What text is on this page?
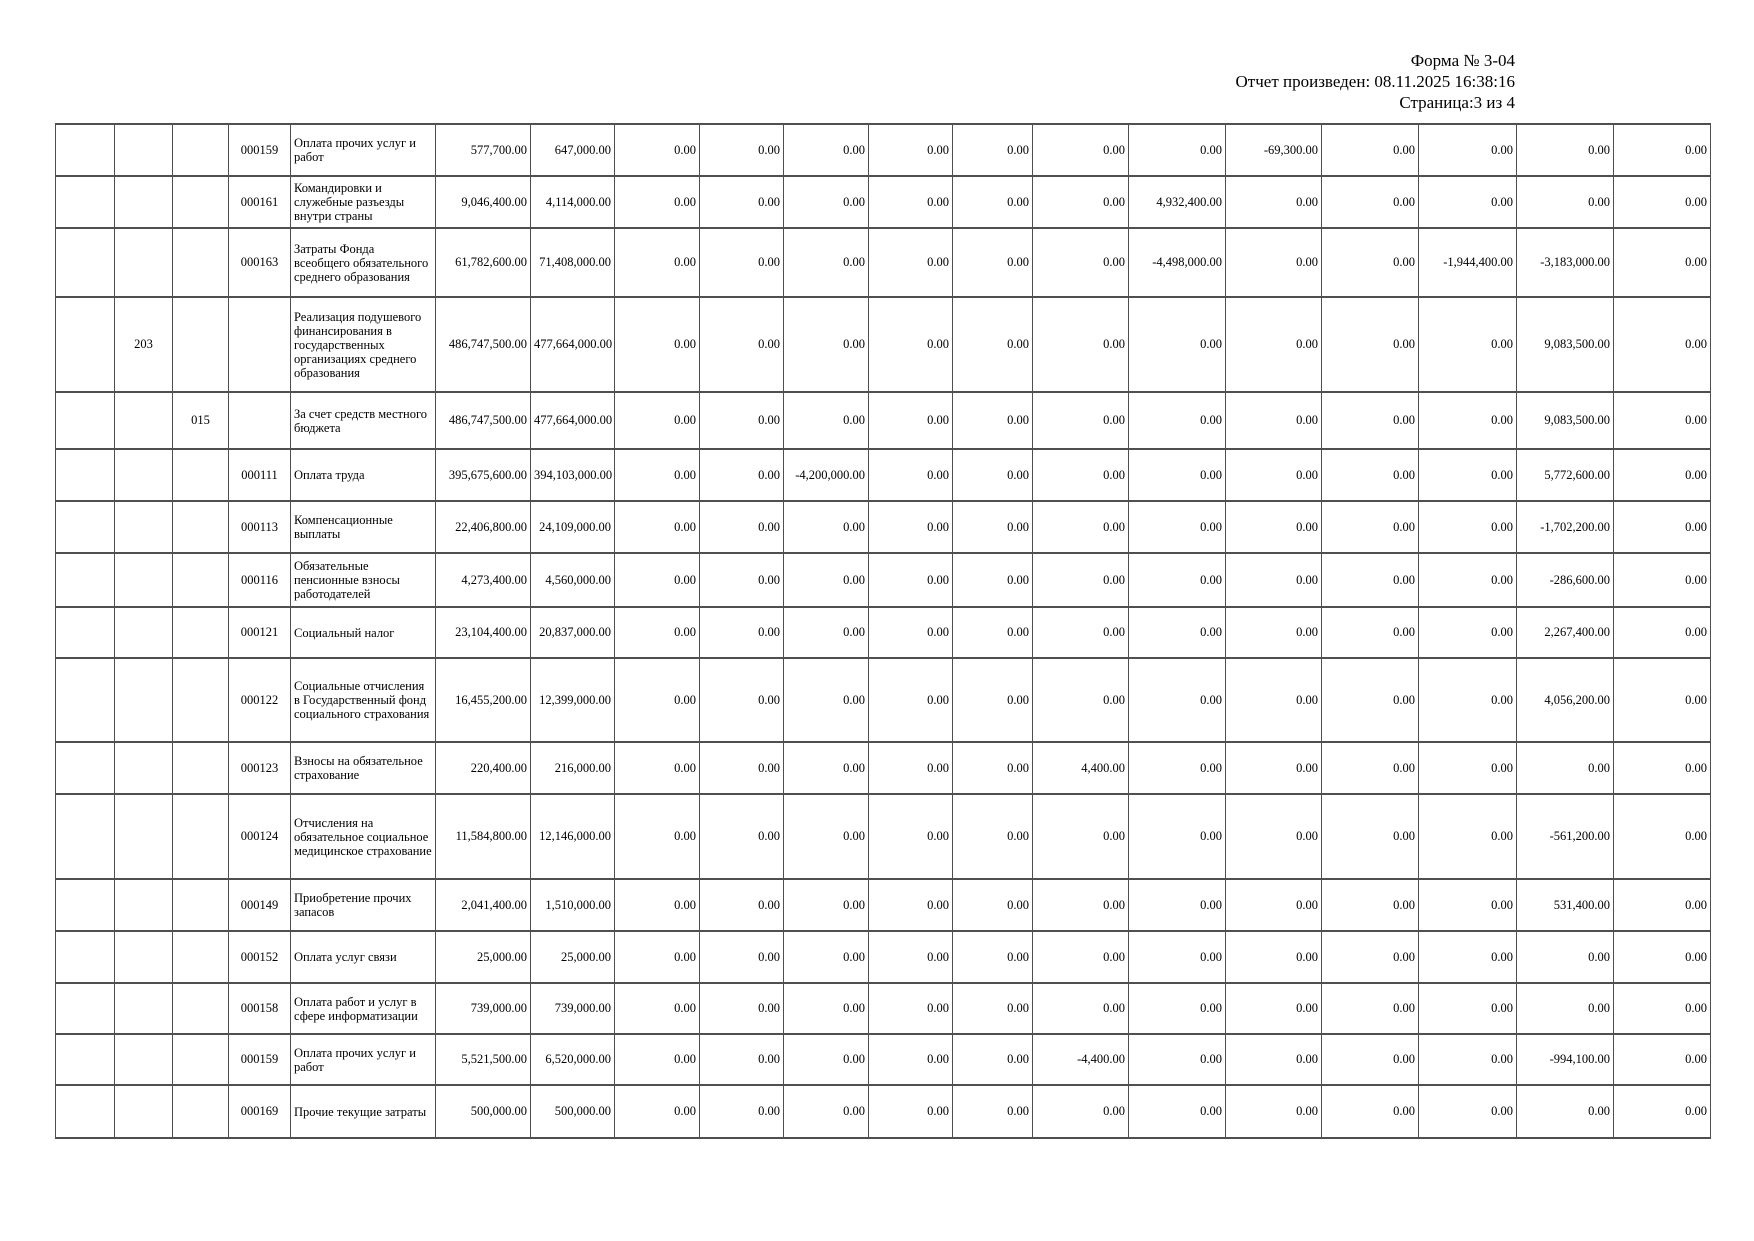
Форма № 3-04
Отчет произведен: 08.11.2025 16:38:16
Страница:3 из 4
			000159	Оплата прочих услуг и работ	577,700.00	647,000.00	0.00	0.00	0.00	0.00	0.00	0.00	0.00	-69,300.00	0.00	0.00	0.00	0.00
			000161	Командировки и служебные разъезды внутри страны	9,046,400.00	4,114,000.00	0.00	0.00	0.00	0.00	0.00	0.00	4,932,400.00	0.00	0.00	0.00	0.00	0.00
			000163	Затраты Фонда всеобщего обязательного среднего образования	61,782,600.00	71,408,000.00	0.00	0.00	0.00	0.00	0.00	0.00	-4,498,000.00	0.00	0.00	-1,944,400.00	-3,183,000.00	0.00
	203			Реализация подушевого финансирования в государственных организациях среднего образования	486,747,500.00	477,664,000.00	0.00	0.00	0.00	0.00	0.00	0.00	0.00	0.00	0.00	0.00	9,083,500.00	0.00
		015		За счет средств местного бюджета	486,747,500.00	477,664,000.00	0.00	0.00	0.00	0.00	0.00	0.00	0.00	0.00	0.00	0.00	9,083,500.00	0.00
			000111	Оплата труда	395,675,600.00	394,103,000.00	0.00	0.00	-4,200,000.00	0.00	0.00	0.00	0.00	0.00	0.00	0.00	5,772,600.00	0.00
			000113	Компенсационные выплаты	22,406,800.00	24,109,000.00	0.00	0.00	0.00	0.00	0.00	0.00	0.00	0.00	0.00	0.00	-1,702,200.00	0.00
			000116	Обязательные пенсионные взносы работодателей	4,273,400.00	4,560,000.00	0.00	0.00	0.00	0.00	0.00	0.00	0.00	0.00	0.00	0.00	-286,600.00	0.00
			000121	Социальный налог	23,104,400.00	20,837,000.00	0.00	0.00	0.00	0.00	0.00	0.00	0.00	0.00	0.00	0.00	2,267,400.00	0.00
			000122	Социальные отчисления в Государственный фонд социального страхования	16,455,200.00	12,399,000.00	0.00	0.00	0.00	0.00	0.00	0.00	0.00	0.00	0.00	0.00	4,056,200.00	0.00
			000123	Взносы на обязательное страхование	220,400.00	216,000.00	0.00	0.00	0.00	0.00	0.00	4,400.00	0.00	0.00	0.00	0.00	0.00	0.00
			000124	Отчисления на обязательное социальное медицинское страхование	11,584,800.00	12,146,000.00	0.00	0.00	0.00	0.00	0.00	0.00	0.00	0.00	0.00	0.00	-561,200.00	0.00
			000149	Приобретение прочих запасов	2,041,400.00	1,510,000.00	0.00	0.00	0.00	0.00	0.00	0.00	0.00	0.00	0.00	0.00	531,400.00	0.00
			000152	Оплата услуг связи	25,000.00	25,000.00	0.00	0.00	0.00	0.00	0.00	0.00	0.00	0.00	0.00	0.00	0.00	0.00
			000158	Оплата работ и услуг в сфере информатизации	739,000.00	739,000.00	0.00	0.00	0.00	0.00	0.00	0.00	0.00	0.00	0.00	0.00	0.00	0.00
			000159	Оплата прочих услуг и работ	5,521,500.00	6,520,000.00	0.00	0.00	0.00	0.00	0.00	-4,400.00	0.00	0.00	0.00	0.00	-994,100.00	0.00
			000169	Прочие текущие затраты	500,000.00	500,000.00	0.00	0.00	0.00	0.00	0.00	0.00	0.00	0.00	0.00	0.00	0.00	0.00
